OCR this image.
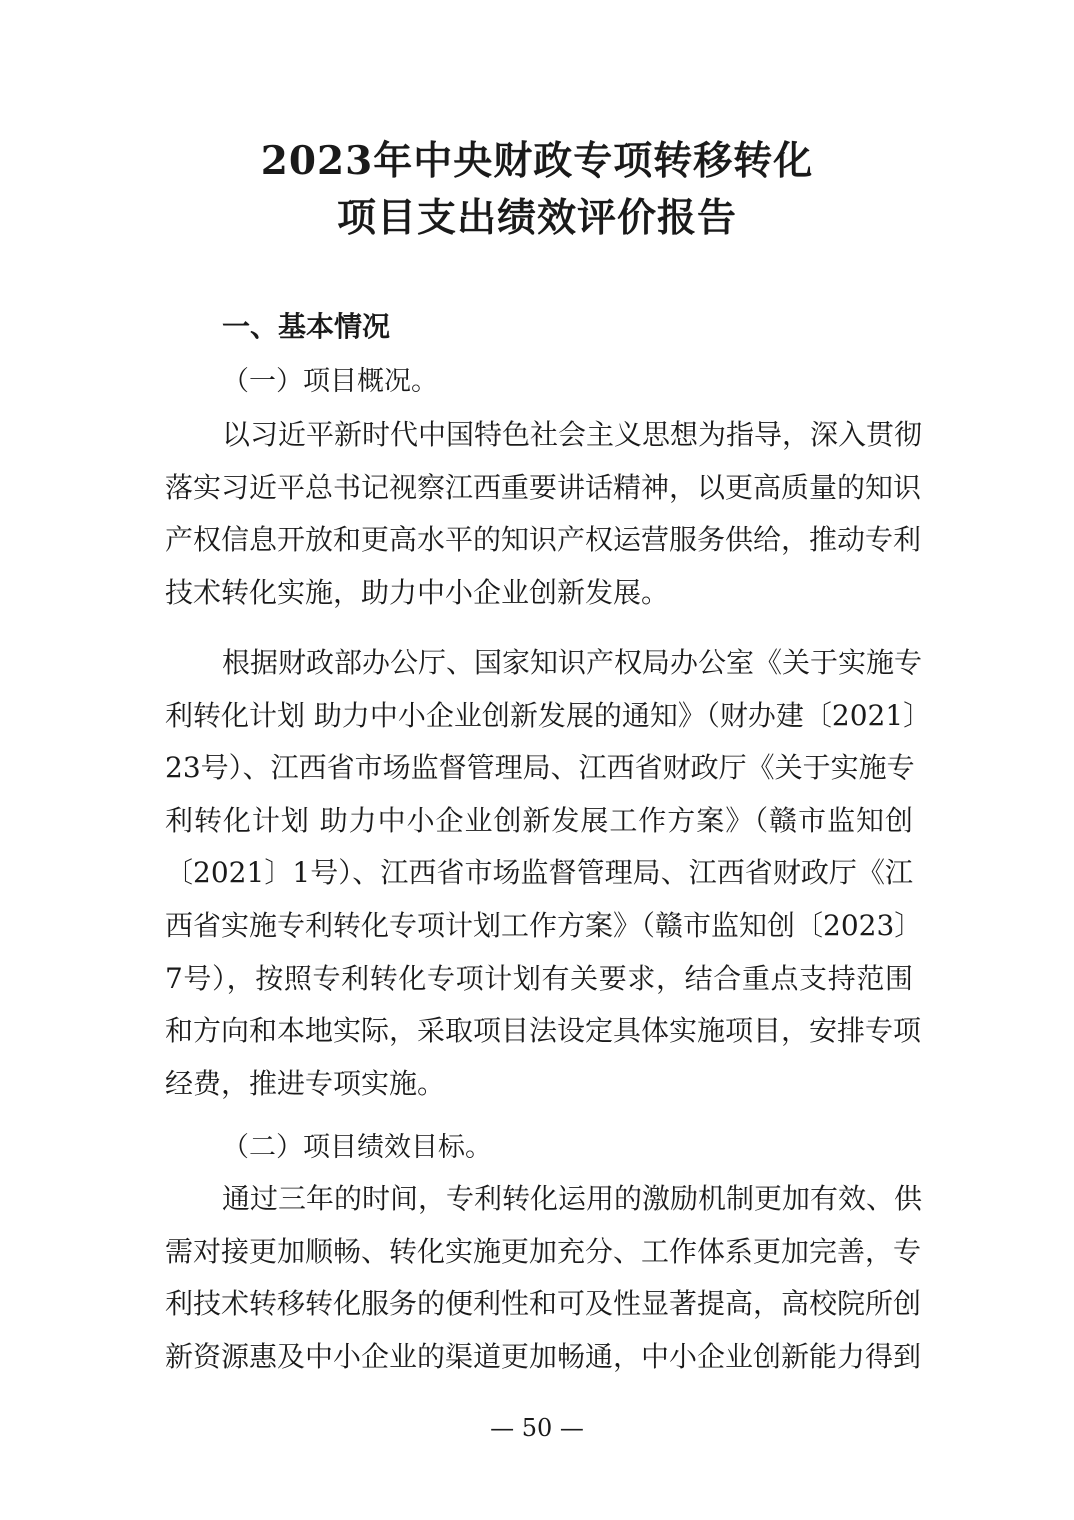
2023年中央财政专项转移转化
项目支出绩效评价报告
一、基本情况
（一）项目概况。
以习近平新时代中国特色社会主义思想为指导，深入贯彻
落实习近平总书记视察江西重要讲话精神，以更高质量的知识
产权信息开放和更高水平的知识产权运营服务供给，推动专利
技术转化实施，助力中小企业创新发展。
根据财政部办公厅、国家知识产权局办公室《关于实施专
利转化计划 助力中小企业创新发展的通知》（财办建〔2021〕
23号）、江西省市场监督管理局、江西省财政厅《关于实施专
利转化计划 助力中小企业创新发展工作方案》（赣市监知创
〔2021〕1号）、江西省市场监督管理局、江西省财政厅《江
西省实施专利转化专项计划工作方案》（赣市监知创〔2023〕
7号），按照专利转化专项计划有关要求，结合重点支持范围
和方向和本地实际，采取项目法设定具体实施项目，安排专项
经费，推进专项实施。
（二）项目绩效目标。
通过三年的时间，专利转化运用的激励机制更加有效、供
需对接更加顺畅、转化实施更加充分、工作体系更加完善，专
利技术转移转化服务的便利性和可及性显著提高，高校院所创
新资源惠及中小企业的渠道更加畅通，中小企业创新能力得到
— 50 —
